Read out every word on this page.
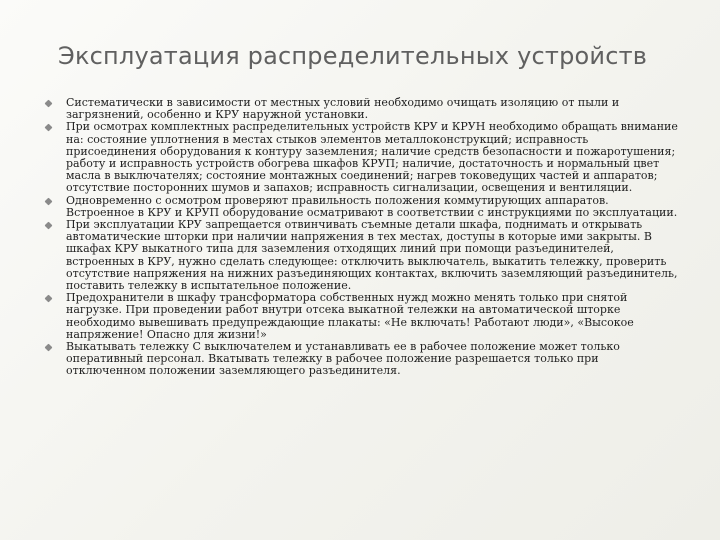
Эксплуатация распределительных устройств
Систематически в зависимости от местных условий необходимо очищать изоляцию от пыли и загрязнений, особенно и КРУ наружной установки.
При осмотрах комплектных распределительных устройств КРУ и КРУН необходимо обращать внимание на: состояние уплотнения в местах стыков элементов металлоконструкций; исправность присоединения оборудования к контуру заземления; наличие средств безопасности и пожаротушения; работу и исправность устройств обогрева шкафов КРУП; наличие, достаточность и нормальный цвет масла в выключателях; состояние монтажных соединений; нагрев токоведущих частей и аппаратов; отсутствие посторонних шумов и запахов; исправность сигнализации, освещения и вентиляции.
Одновременно с осмотром проверяют правильность положения коммутирующих аппаратов. Встроенное в КРУ и КРУП оборудование осматривают в соответствии с инструкциями по эксплуатации.
При эксплуатации КРУ запрещается отвинчивать съемные детали шкафа, поднимать и открывать автоматические шторки при наличии напряжения в тех местах, доступы в которые ими закрыты. В шкафах КРУ выкатного типа для заземления отходящих линий при помощи разъединителей, встроенных в КРУ, нужно сделать следующее: отключить выключатель, выкатить тележку, проверить отсутствие напряжения на нижних разъединяющих контактах, включить заземляющий разъединитель, поставить тележку в испытательное положение.
Предохранители в шкафу трансформатора собственных нужд можно менять только при снятой нагрузке. При проведении работ внутри отсека выкатной тележки на автоматической шторке необходимо вывешивать предупреждающие плакаты: «Не включать! Работают люди», «Высокое напряжение! Опасно для жизни!»
Выкатывать тележку С выключателем и устанавливать ее в рабочее положение может только оперативный персонал. Вкатывать тележку в рабочее положение разрешается только при отключенном положении заземляющего разъединителя.
